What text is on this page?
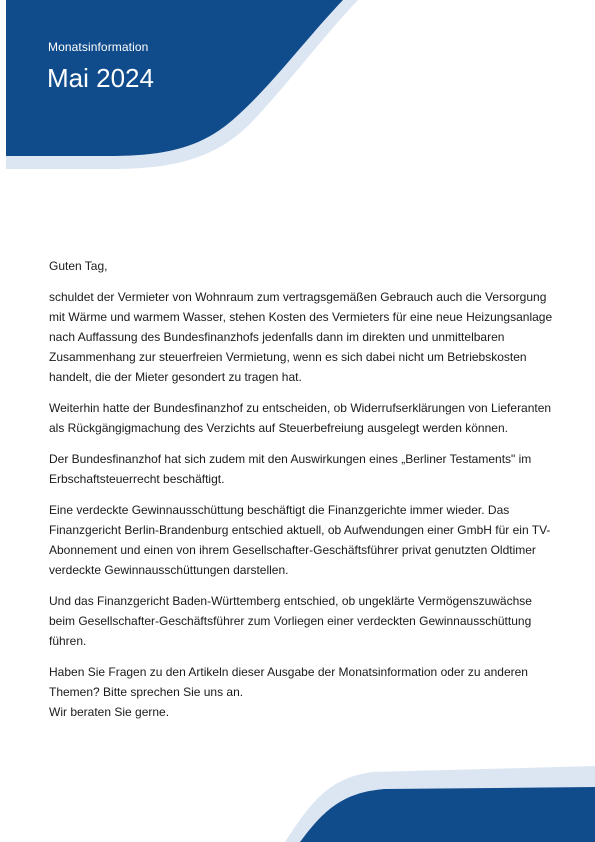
Monatsinformation
Mai 2024

Guten Tag,

schuldet der Vermieter von Wohnraum zum vertragsgemäßen Gebrauch auch die Versorgung mit Wärme und warmem Wasser, stehen Kosten des Vermieters für eine neue Heizungsanlage nach Auffassung des Bundesfinanzhofs jedenfalls dann im direkten und unmittelbaren Zusammenhang zur steuerfreien Vermietung, wenn es sich dabei nicht um Betriebskosten handelt, die der Mieter gesondert zu tragen hat.

Weiterhin hatte der Bundesfinanzhof zu entscheiden, ob Widerrufserklärungen von Lieferanten als Rückgängigmachung des Verzichts auf Steuerbefreiung ausgelegt werden können.

Der Bundesfinanzhof hat sich zudem mit den Auswirkungen eines „Berliner Testaments" im Erbschaftsteuerrecht beschäftigt.

Eine verdeckte Gewinnausschüttung beschäftigt die Finanzgerichte immer wieder. Das Finanzgericht Berlin-Brandenburg entschied aktuell, ob Aufwendungen einer GmbH für ein TV-Abonnement und einen von ihrem Gesellschafter-Geschäftsführer privat genutzten Oldtimer verdeckte Gewinnausschüttungen darstellen.

Und das Finanzgericht Baden-Württemberg entschied, ob ungeklärte Vermögenszuwächse beim Gesellschafter-Geschäftsführer zum Vorliegen einer verdeckten Gewinnausschüttung führen.

Haben Sie Fragen zu den Artikeln dieser Ausgabe der Monatsinformation oder zu anderen Themen? Bitte sprechen Sie uns an.

Wir beraten Sie gerne.
